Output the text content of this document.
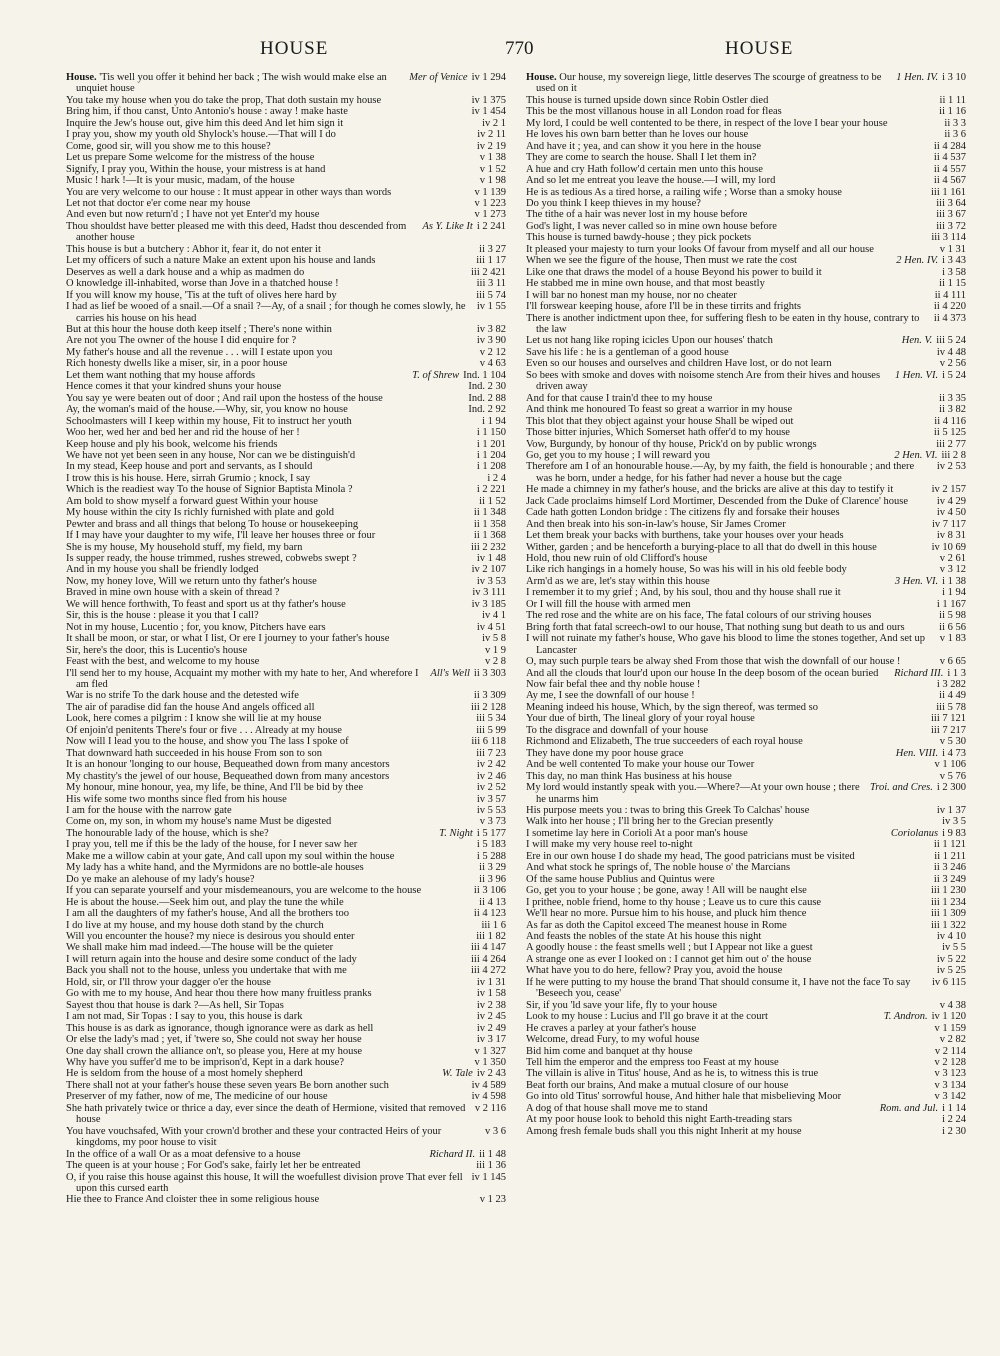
HOUSE	770	HOUSE
Mer of Venice iv 1 294
House. 'Tis well you offer it behind her back ; The wish would make else an unquiet house
iv 1 375
You take my house when you do take the prop, That doth sustain my house
iv 1 454
Bring him, if thou canst, Unto Antonio's house : away ! make haste
iv 2 1
Inquire the Jew's house out, give him this deed And let him sign it
iv 2 11
I pray you, show my youth old Shylock's house.—That will I do
iv 2 19
Come, good sir, will you show me to this house?
v 1 38
Let us prepare Some welcome for the mistress of the house
v 1 52
Signify, I pray you, Within the house, your mistress is at hand
v 1 98
Music ! hark !—It is your music, madam, of the house
v 1 139
You are very welcome to our house : It must appear in other ways than words
v 1 223
Let not that doctor e'er come near my house
v 1 273
And even but now return'd ; I have not yet Enter'd my house
As Y. Like It i 2 241
Thou shouldst have better pleased me with this deed, Hadst thou descended from another house
ii 3 27
This house is but a butchery : Abhor it, fear it, do not enter it
iii 1 17
Let my officers of such a nature Make an extent upon his house and lands
iii 2 421
Deserves as well a dark house and a whip as madmen do
iii 3 11
O knowledge ill-inhabited, worse than Jove in a thatched house !
iii 5 74
If you will know my house, 'Tis at the tuft of olives here hard by
iv 1 55
I had as lief be wooed of a snail.—Of a snail ?—Ay, of a snail ; for though he comes slowly, he carries his house on his head
iv 3 82
But at this hour the house doth keep itself ; There's none within
iv 3 90
Are not you The owner of the house I did enquire for ?
v 2 12
My father's house and all the revenue . . . will I estate upon you
v 4 63
Rich honesty dwells like a miser, sir, in a poor house
T. of Shrew Ind. 1 104
Let them want nothing that my house affords
Ind. 2 30
Hence comes it that your kindred shuns your house
Ind. 2 88
You say ye were beaten out of door ; And rail upon the hostess of the house
Ind. 2 92
Ay, the woman's maid of the house.—Why, sir, you know no house
i 1 94
Schoolmasters will I keep within my house, Fit to instruct her youth
i 1 150
Woo her, wed her and bed her and rid the house of her !
i 1 201
Keep house and ply his book, welcome his friends
i 1 204
We have not yet been seen in any house, Nor can we be distinguish'd
i 1 208
In my stead, Keep house and port and servants, as I should
i 2 4
I trow this is his house. Here, sirrah Grumio ; knock, I say
i 2 221
Which is the readiest way To the house of Signior Baptista Minola ?
ii 1 52
Am bold to show myself a forward guest Within your house
ii 1 348
My house within the city Is richly furnished with plate and gold
ii 1 358
Pewter and brass and all things that belong To house or housekeeping
ii 1 368
If I may have your daughter to my wife, I'll leave her houses three or four
iii 2 232
She is my house, My household stuff, my field, my barn
iv 1 48
Is supper ready, the house trimmed, rushes strewed, cobwebs swept ?
iv 2 107
And in my house you shall be friendly lodged
iv 3 53
Now, my honey love, Will we return unto thy father's house
iv 3 111
Braved in mine own house with a skein of thread ?
iv 3 185
We will hence forthwith, To feast and sport us at thy father's house
iv 4 1
Sir, this is the house : please it you that I call?
iv 4 51
Not in my house, Lucentio ; for, you know, Pitchers have ears
iv 5 8
It shall be moon, or star, or what I list, Or ere I journey to your father's house
v 1 9
Sir, here's the door, this is Lucentio's house
v 2 8
Feast with the best, and welcome to my house
All's Well ii 3 303
I'll send her to my house, Acquaint my mother with my hate to her, And wherefore I am fled
ii 3 309
War is no strife To the dark house and the detested wife
iii 2 128
The air of paradise did fan the house And angels officed all
iii 5 34
Look, here comes a pilgrim : I know she will lie at my house
iii 5 99
Of enjoin'd penitents There's four or five . . . Already at my house
iii 6 118
Now will I lead you to the house, and show you The lass I spoke of
iii 7 23
That downward hath succeeded in his house From son to son
iv 2 42
It is an honour 'longing to our house, Bequeathed down from many ancestors
iv 2 46
My chastity's the jewel of our house, Bequeathed down from many ancestors
iv 2 52
My honour, mine honour, yea, my life, be thine, And I'll be bid by thee
iv 3 57
His wife some two months since fled from his house
iv 5 53
I am for the house with the narrow gate
v 3 73
Come on, my son, in whom my house's name Must be digested
T. Night i 5 177
The honourable lady of the house, which is she?
i 5 183
I pray you, tell me if this be the lady of the house, for I never saw her
i 5 288
Make me a willow cabin at your gate, And call upon my soul within the house
ii 3 29
My lady has a white hand, and the Myrmidons are no bottle-ale houses
ii 3 96
Do ye make an alehouse of my lady's house?
ii 3 106
If you can separate yourself and your misdemeanours, you are welcome to the house
ii 4 13
He is about the house.—Seek him out, and play the tune the while
ii 4 123
I am all the daughters of my father's house, And all the brothers too
iii 1 6
I do live at my house, and my house doth stand by the church
iii 1 82
Will you encounter the house? my niece is desirous you should enter
iii 4 147
We shall make him mad indeed.—The house will be the quieter
iii 4 264
I will return again into the house and desire some conduct of the lady
iii 4 272
Back you shall not to the house, unless you undertake that with me
iv 1 31
Hold, sir, or I'll throw your dagger o'er the house
iv 1 58
Go with me to my house, And hear thou there how many fruitless pranks
iv 2 38
Sayest thou that house is dark ?—As hell, Sir Topas
iv 2 45
I am not mad, Sir Topas : I say to you, this house is dark
iv 2 49
This house is as dark as ignorance, though ignorance were as dark as hell
iv 3 17
Or else the lady's mad ; yet, if 'twere so, She could not sway her house
v 1 327
One day shall crown the alliance on't, so please you, Here at my house
v 1 350
Why have you suffer'd me to be imprison'd, Kept in a dark house?
W. Tale iv 2 43
He is seldom from the house of a most homely shepherd
iv 4 589
There shall not at your father's house these seven years Be born another such
iv 4 598
Preserver of my father, now of me, The medicine of our house
v 2 116
She hath privately twice or thrice a day, ever since the death of Hermione, visited that removed house
v 3 6
You have vouchsafed, With your crown'd brother and these your contracted Heirs of your kingdoms, my poor house to visit
Richard II. ii 1 48
In the office of a wall Or as a moat defensive to a house
iii 1 36
The queen is at your house ; For God's sake, fairly let her be entreated
iv 1 145
O, if you raise this house against this house, It will the woefullest division prove That ever fell upon this cursed earth
v 1 23
Hie thee to France And cloister thee in some religious house
1 Hen. IV. i 3 10
House. Our house, my sovereign liege, little deserves The scourge of greatness to be used on it
ii 1 11
This house is turned upside down since Robin Ostler died
ii 1 16
This be the most villanous house in all London road for fleas
ii 3 3
My lord, I could be well contented to be there, in respect of the love I bear your house
ii 3 6
He loves his own barn better than he loves our house
ii 4 284
And have it ; yea, and can show it you here in the house
ii 4 537
They are come to search the house. Shall I let them in?
ii 4 557
A hue and cry Hath follow'd certain men unto this house
ii 4 567
And so let me entreat you leave the house.—I will, my lord
iii 1 161
He is as tedious As a tired horse, a railing wife ; Worse than a smoky house
iii 3 64
Do you think I keep thieves in my house?
iii 3 67
The tithe of a hair was never lost in my house before
iii 3 72
God's light, I was never called so in mine own house before
iii 3 114
This house is turned bawdy-house ; they pick pockets
v 1 31
It pleased your majesty to turn your looks Of favour from myself and all our house
2 Hen. IV. i 3 43
When we see the figure of the house, Then must we rate the cost
i 3 58
Like one that draws the model of a house Beyond his power to build it
ii 1 15
He stabbed me in mine own house, and that most beastly
ii 4 111
I will bar no honest man my house, nor no cheater
ii 4 220
I'll forswear keeping house, afore I'll be in these tirrits and frights
ii 4 373
There is another indictment upon thee, for suffering flesh to be eaten in thy house, contrary to the law
Hen. V. iii 5 24
Let us not hang like roping icicles Upon our houses' thatch
iv 4 48
Save his life : he is a gentleman of a good house
v 2 56
Even so our houses and ourselves and children Have lost, or do not learn
1 Hen. VI. i 5 24
So bees with smoke and doves with noisome stench Are from their hives and houses driven away
ii 3 35
And for that cause I train'd thee to my house
ii 3 82
And think me honoured To feast so great a warrior in my house
ii 4 116
This blot that they object against your house Shall be wiped out
ii 5 125
Those bitter injuries, Which Somerset hath offer'd to my house
iii 2 77
Vow, Burgundy, by honour of thy house, Prick'd on by public wrongs
2 Hen. VI. iii 2 8
Go, get you to my house ; I will reward you
iv 2 53
Therefore am I of an honourable house.—Ay, by my faith, the field is honourable ; and there was he born, under a hedge, for his father had never a house but the cage
iv 2 157
He made a chimney in my father's house, and the bricks are alive at this day to testify it
iv 4 29
Jack Cade proclaims himself Lord Mortimer, Descended from the Duke of Clarence' house
iv 4 50
Cade hath gotten London bridge : The citizens fly and forsake their houses
iv 7 117
And then break into his son-in-law's house, Sir James Cromer
iv 8 31
Let them break your backs with burthens, take your houses over your heads
iv 10 69
Wither, garden ; and be henceforth a burying-place to all that do dwell in this house
v 2 61
Hold, thou new ruin of old Clifford's house
v 3 12
Like rich hangings in a homely house, So was his will in his old feeble body
3 Hen. VI. i 1 38
Arm'd as we are, let's stay within this house
i 1 94
I remember it to my grief ; And, by his soul, thou and thy house shall rue it
i 1 167
Or I will fill the house with armed men
ii 5 98
The red rose and the white are on his face, The fatal colours of our striving houses
ii 6 56
Bring forth that fatal screech-owl to our house, That nothing sung but death to us and ours
v 1 83
I will not ruinate my father's house, Who gave his blood to lime the stones together, And set up Lancaster
v 6 65
O, may such purple tears be alway shed From those that wish the downfall of our house !
Richard III. i 1 3
And all the clouds that lour'd upon our house In the deep bosom of the ocean buried
i 3 282
Now fair befal thee and thy noble house !
ii 4 49
Ay me, I see the downfall of our house !
iii 5 78
Meaning indeed his house, Which, by the sign thereof, was termed so
iii 7 121
Your due of birth, The lineal glory of your royal house
iii 7 217
To the disgrace and downfall of your house
v 5 30
Richmond and Elizabeth, The true succeeders of each royal house
Hen. VIII. i 4 73
They have done my poor house grace
v 1 106
And be well contented To make your house our Tower
v 5 76
This day, no man think Has business at his house
Troi. and Cres. i 2 300
My lord would instantly speak with you.—Where?—At your own house ; there he unarms him
iv 1 37
His purpose meets you : twas to bring this Greek To Calchas' house
iv 3 5
Walk into her house ; I'll bring her to the Grecian presently
Coriolanus i 9 83
I sometime lay here in Corioli At a poor man's house
ii 1 121
I will make my very house reel to-night
ii 1 211
Ere in our own house I do shade my head, The good patricians must be visited
ii 3 246
And what stock he springs of, The noble house o' the Marcians
ii 3 249
Of the same house Publius and Quintus were
iii 1 230
Go, get you to your house ; be gone, away ! All will be naught else
iii 1 234
I prithee, noble friend, home to thy house ; Leave us to cure this cause
iii 1 309
We'll hear no more. Pursue him to his house, and pluck him thence
iii 1 322
As far as doth the Capitol exceed The meanest house in Rome
iv 4 10
And feasts the nobles of the state At his house this night
iv 5 5
A goodly house : the feast smells well ; but I Appear not like a guest
iv 5 22
A strange one as ever I looked on : I cannot get him out o' the house
iv 5 25
What have you to do here, fellow? Pray you, avoid the house
iv 6 115
If he were putting to my house the brand That should consume it, I have not the face To say 'Beseech you, cease'
v 4 38
Sir, if you 'ld save your life, fly to your house
T. Andron. iv 1 120
Look to my house : Lucius and I'll go brave it at the court
v 1 159
He craves a parley at your father's house
v 2 82
Welcome, dread Fury, to my woful house
v 2 114
Bid him come and banquet at thy house
v 2 128
Tell him the emperor and the empress too Feast at my house
v 3 123
The villain is alive in Titus' house, And as he is, to witness this is true
v 3 134
Beat forth our brains, And make a mutual closure of our house
v 3 142
Go into old Titus' sorrowful house, And hither hale that misbelieving Moor
Rom. and Jul. i 1 14
A dog of that house shall move me to stand
i 2 24
At my poor house look to behold this night Earth-treading stars
i 2 30
Among fresh female buds shall you this night Inherit at my house
